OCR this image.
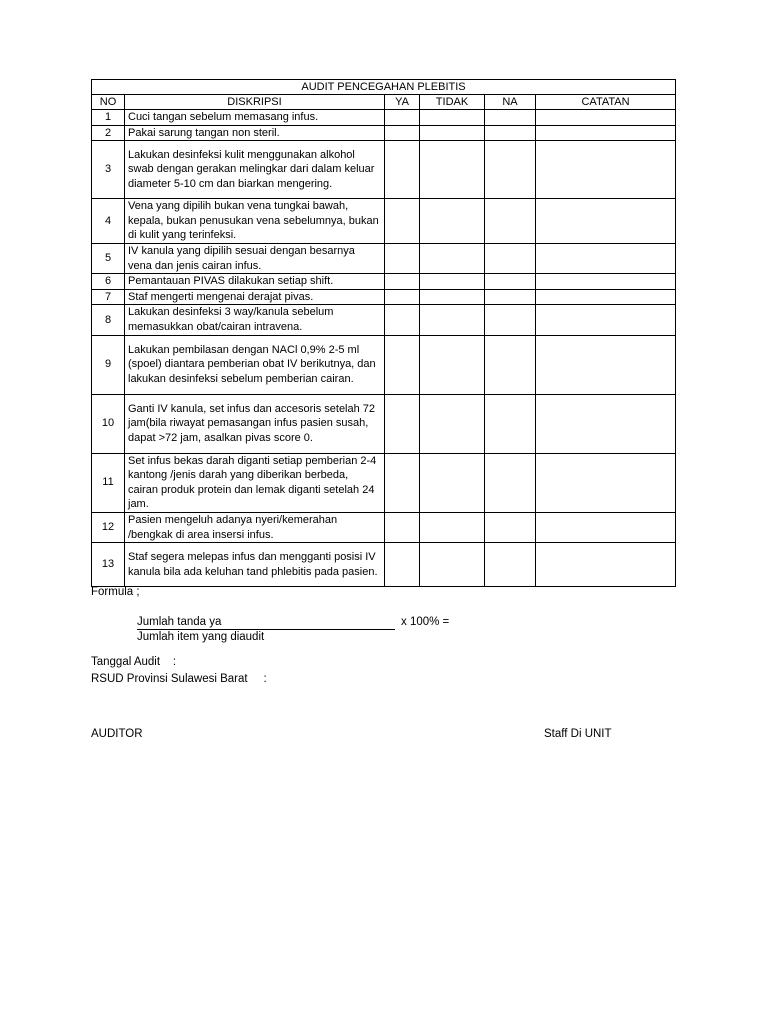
AUDIT PENCEGAHAN PLEBITIS					
NO	DISKRIPSI	YA	TIDAK	NA	CATATAN
1	Cuci tangan sebelum memasang infus.				
2	Pakai sarung tangan non steril.				
3	Lakukan desinfeksi kulit menggunakan alkohol swab dengan gerakan melingkar dari dalam keluar diameter 5-10 cm dan biarkan mengering.				
4	Vena yang dipilih bukan vena tungkai bawah, kepala, bukan penusukan vena sebelumnya, bukan di kulit yang terinfeksi.				
5	IV kanula yang dipilih sesuai dengan besarnya vena dan jenis cairan infus.				
6	Pemantauan PIVAS dilakukan setiap shift.				
7	Staf mengerti mengenai derajat pivas.				
8	Lakukan desinfeksi 3 way/kanula sebelum memasukkan obat/cairan intravena.				
9	Lakukan pembilasan dengan NACl 0,9% 2-5 ml (spoel) diantara pemberian obat IV berikutnya, dan lakukan desinfeksi sebelum pemberian cairan.				
10	Ganti IV kanula, set infus dan accesoris setelah 72 jam(bila riwayat pemasangan infus pasien susah, dapat >72 jam, asalkan pivas score 0.				
11	Set infus bekas darah diganti setiap pemberian 2-4 kantong /jenis darah yang diberikan berbeda, cairan produk protein dan lemak diganti setelah 24 jam.				
12	Pasien mengeluh adanya nyeri/kemerahan /bengkak di area insersi infus.				
13	Staf segera melepas infus dan mengganti posisi IV kanula bila ada keluhan tand phlebitis pada pasien.				
Formula ;
Jumlah tanda ya
Jumlah item yang diaudit
x 100% =
Tanggal Audit    :
RSUD Provinsi Sulawesi Barat     :
AUDITOR	Staff Di UNIT
